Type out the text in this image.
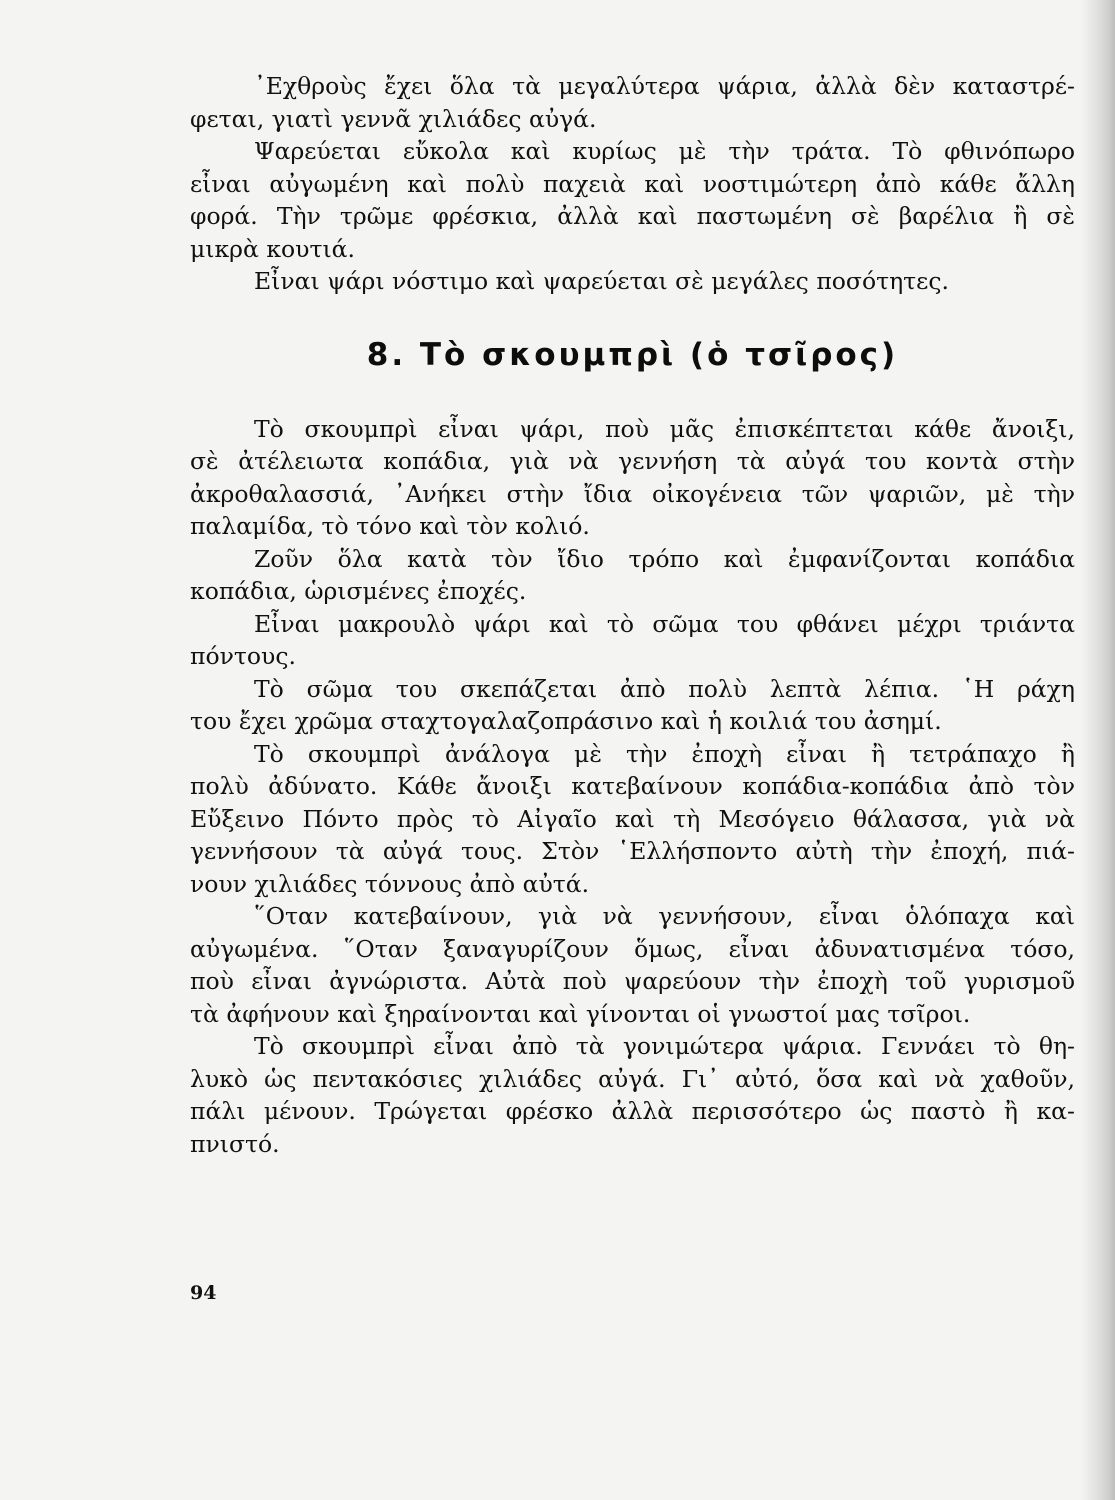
᾿Εχθροὺς ἔχει ὅλα τὰ μεγαλύτερα ψάρια, ἀλλὰ δὲν καταστρέ-
φεται, γιατὶ γεννᾶ χιλιάδες αὐγά.
Ψαρεύεται εὔκολα καὶ κυρίως μὲ τὴν τράτα. Τὸ φθινόπωρο
εἶναι αὐγωμένη καὶ πολὺ παχειὰ καὶ νοστιμώτερη ἀπὸ κάθε ἄλλη
φορά. Τὴν τρῶμε φρέσκια, ἀλλὰ καὶ παστωμένη σὲ βαρέλια ἢ σὲ
μικρὰ κουτιά.
Εἶναι ψάρι νόστιμο καὶ ψαρεύεται σὲ μεγάλες ποσότητες.
8. Τὸ σκουμπρὶ (ὁ τσῖρος)
Τὸ σκουμπρὶ εἶναι ψάρι, ποὺ μᾶς ἐπισκέπτεται κάθε ἄνοιξι,
σὲ ἀτέλειωτα κοπάδια, γιὰ νὰ γεννήση τὰ αὐγά του κοντὰ στὴν
ἀκροθαλασσιά, ᾿Ανήκει στὴν ἴδια οἰκογένεια τῶν ψαριῶν, μὲ τὴν
παλαμίδα, τὸ τόνο καὶ τὸν κολιό.
Ζοῦν ὅλα κατὰ τὸν ἴδιο τρόπο καὶ ἐμφανίζονται κοπάδια
κοπάδια, ὡρισμένες ἐποχές.
Εἶναι μακρουλὸ ψάρι καὶ τὸ σῶμα του φθάνει μέχρι τριάντα
πόντους.
Τὸ σῶμα του σκεπάζεται ἀπὸ πολὺ λεπτὰ λέπια. ῾Η ράχη
του ἔχει χρῶμα σταχτογαλαζοπράσινο καὶ ἡ κοιλιά του ἀσημί.
Τὸ σκουμπρὶ ἀνάλογα μὲ τὴν ἐποχὴ εἶναι ἢ τετράπαχο ἢ
πολὺ ἀδύνατο. Κάθε ἄνοιξι κατεβαίνουν κοπάδια-κοπάδια ἀπὸ τὸν
Εὔξεινο Πόντο πρὸς τὸ Αἰγαῖο καὶ τὴ Μεσόγειο θάλασσα, γιὰ νὰ
γεννήσουν τὰ αὐγά τους. Στὸν ῾Ελλήσποντο αὐτὴ τὴν ἐποχή, πιά-
νουν χιλιάδες τόννους ἀπὸ αὐτά.
῞Οταν κατεβαίνουν, γιὰ νὰ γεννήσουν, εἶναι ὁλόπαχα καὶ
αὐγωμένα. ῞Οταν ξαναγυρίζουν ὅμως, εἶναι ἀδυνατισμένα τόσο,
ποὺ εἶναι ἀγνώριστα. Αὐτὰ ποὺ ψαρεύουν τὴν ἐποχὴ τοῦ γυρισμοῦ
τὰ ἀφήνουν καὶ ξηραίνονται καὶ γίνονται οἱ γνωστοί μας τσῖροι.
Τὸ σκουμπρὶ εἶναι ἀπὸ τὰ γονιμώτερα ψάρια. Γεννάει τὸ θη-
λυκὸ ὡς πεντακόσιες χιλιάδες αὐγά. Γι᾿ αὐτό, ὅσα καὶ νὰ χαθοῦν,
πάλι μένουν. Τρώγεται φρέσκο ἀλλὰ περισσότερο ὡς παστὸ ἢ κα-
πνιστό.
94
